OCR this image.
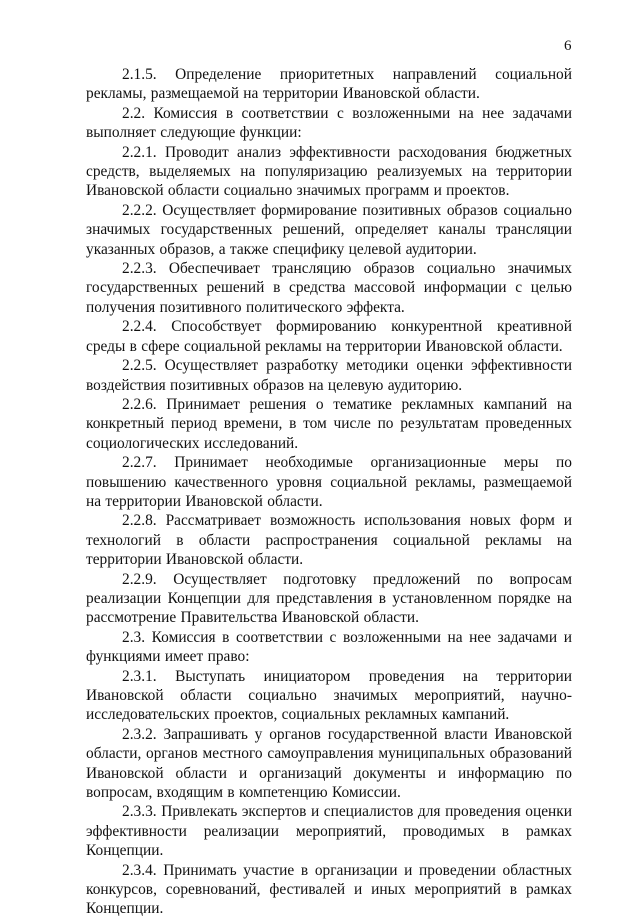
6

2.1.5. Определение приоритетных направлений социальной рекламы, размещаемой на территории Ивановской области.

2.2. Комиссия в соответствии с возложенными на нее задачами выполняет следующие функции:

2.2.1. Проводит анализ эффективности расходования бюджетных средств, выделяемых на популяризацию реализуемых на территории Ивановской области социально значимых программ и проектов.

2.2.2. Осуществляет формирование позитивных образов социально значимых государственных решений, определяет каналы трансляции указанных образов, а также специфику целевой аудитории.

2.2.3. Обеспечивает трансляцию образов социально значимых государственных решений в средства массовой информации с целью получения позитивного политического эффекта.

2.2.4. Способствует формированию конкурентной креативной среды в сфере социальной рекламы на территории Ивановской области.

2.2.5. Осуществляет разработку методики оценки эффективности воздействия позитивных образов на целевую аудиторию.

2.2.6. Принимает решения о тематике рекламных кампаний на конкретный период времени, в том числе по результатам проведенных социологических исследований.

2.2.7. Принимает необходимые организационные меры по повышению качественного уровня социальной рекламы, размещаемой на территории Ивановской области.

2.2.8. Рассматривает возможность использования новых форм и технологий в области распространения социальной рекламы на территории Ивановской области.

2.2.9. Осуществляет подготовку предложений по вопросам реализации Концепции для представления в установленном порядке на рассмотрение Правительства Ивановской области.

2.3. Комиссия в соответствии с возложенными на нее задачами и функциями имеет право:

2.3.1. Выступать инициатором проведения на территории Ивановской области социально значимых мероприятий, научно-исследовательских проектов, социальных рекламных кампаний.

2.3.2. Запрашивать у органов государственной власти Ивановской области, органов местного самоуправления муниципальных образований Ивановской области и организаций документы и информацию по вопросам, входящим в компетенцию Комиссии.

2.3.3. Привлекать экспертов и специалистов для проведения оценки эффективности реализации мероприятий, проводимых в рамках Концепции.

2.3.4. Принимать участие в организации и проведении областных конкурсов, соревнований, фестивалей и иных мероприятий в рамках Концепции.
